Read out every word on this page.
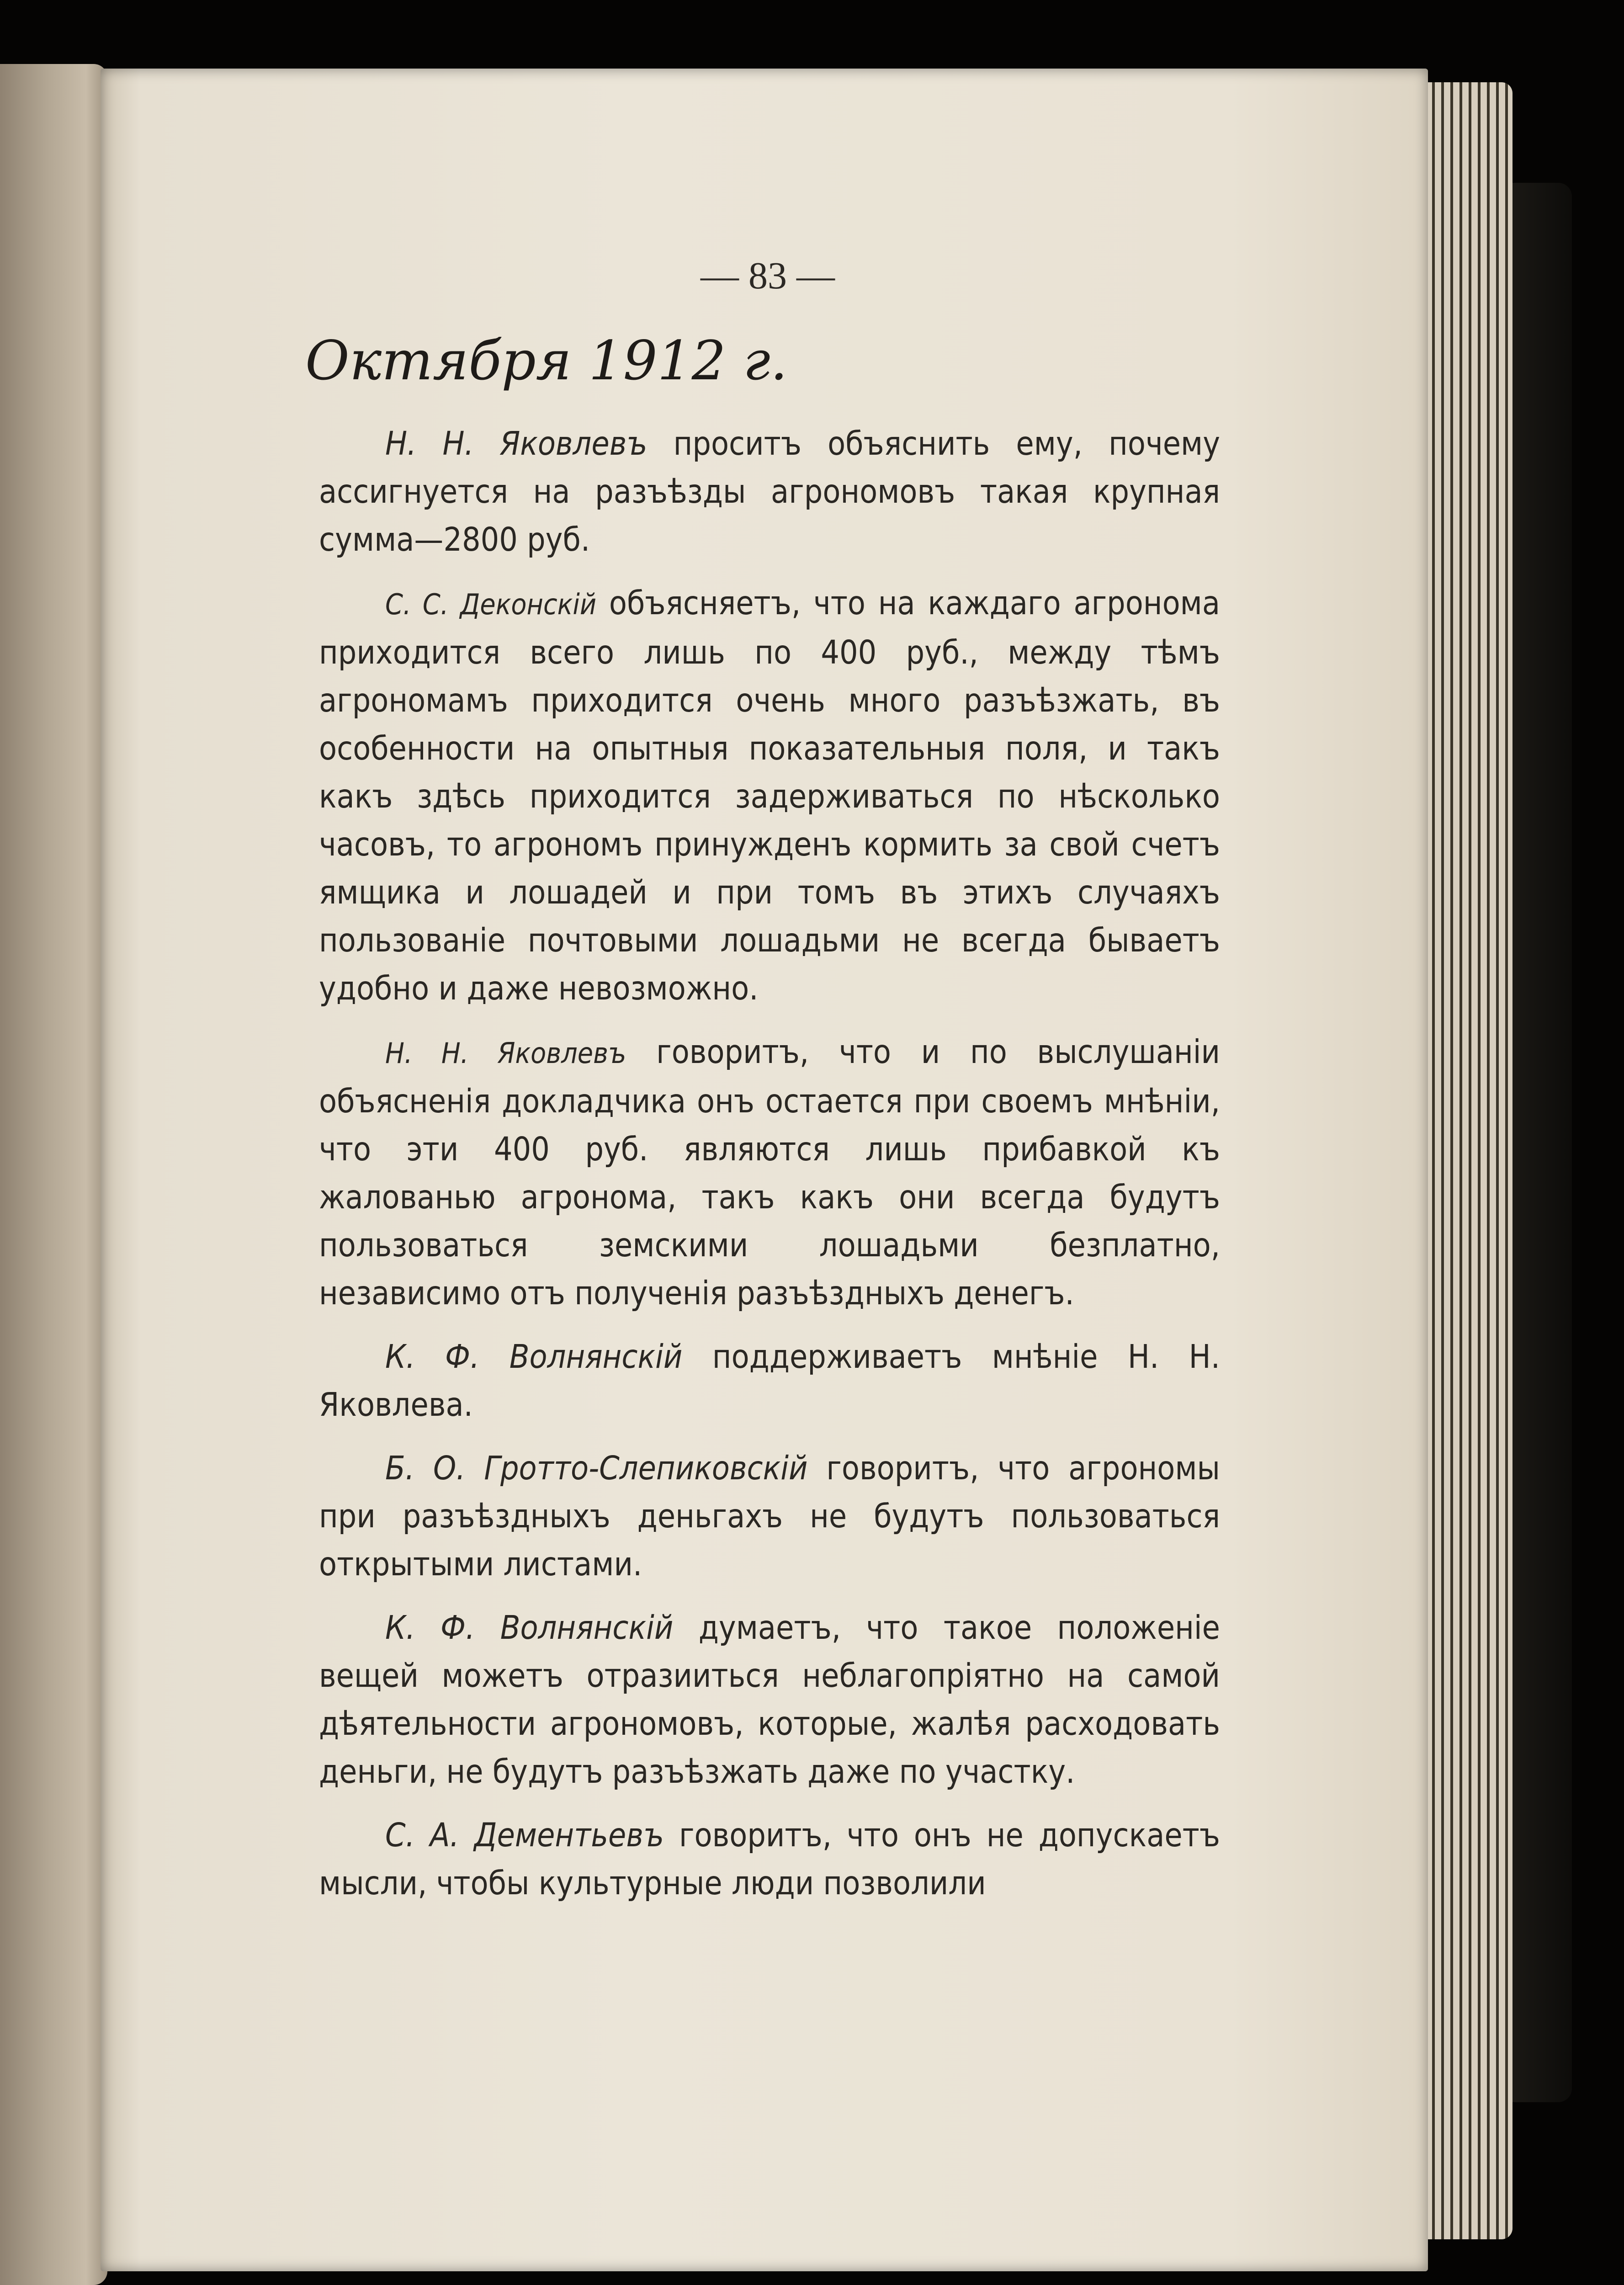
— 83 —

Октября 1912 г.

Н. Н. Яковлевъ проситъ объяснить ему, почему ассигнуется на разъѣзды агрономовъ такая крупная сумма—2800 руб.

С. С. Деконскій объясняетъ, что на каждаго агронома приходится всего лишь по 400 руб., между тѣмъ агрономамъ приходится очень много разъѣзжать, въ особенности на опытныя показательныя поля, и такъ какъ здѣсь приходится задерживаться по нѣсколько часовъ, то агрономъ принужденъ кормить за свой счетъ ямщика и лошадей и при томъ въ этихъ случаяхъ пользованіе почтовыми лошадьми не всегда бываетъ удобно и даже невозможно.

Н. Н. Яковлевъ говоритъ, что и по выслушаніи объясненія докладчика онъ остается при своемъ мнѣніи, что эти 400 руб. являются лишь прибавкой къ жалованью агронома, такъ какъ они всегда будутъ пользоваться земскими лошадьми безплатно, независимо отъ полученія разъѣздныхъ денегъ.

К. Ф. Волнянскій поддерживаетъ мнѣніе Н. Н. Яковлева.

Б. О. Гротто-Слепиковскій говоритъ, что агрономы при разъѣздныхъ деньгахъ не будутъ пользоваться открытыми листами.

К. Ф. Волнянскій думаетъ, что такое положеніе вещей можетъ отразииться неблагопріятно на самой дѣятельности агрономовъ, которые, жалѣя расходовать деньги, не будутъ разъѣзжать даже по участку.

С. А. Дементьевъ говоритъ, что онъ не допускаетъ мысли, чтобы культурные люди позволили
